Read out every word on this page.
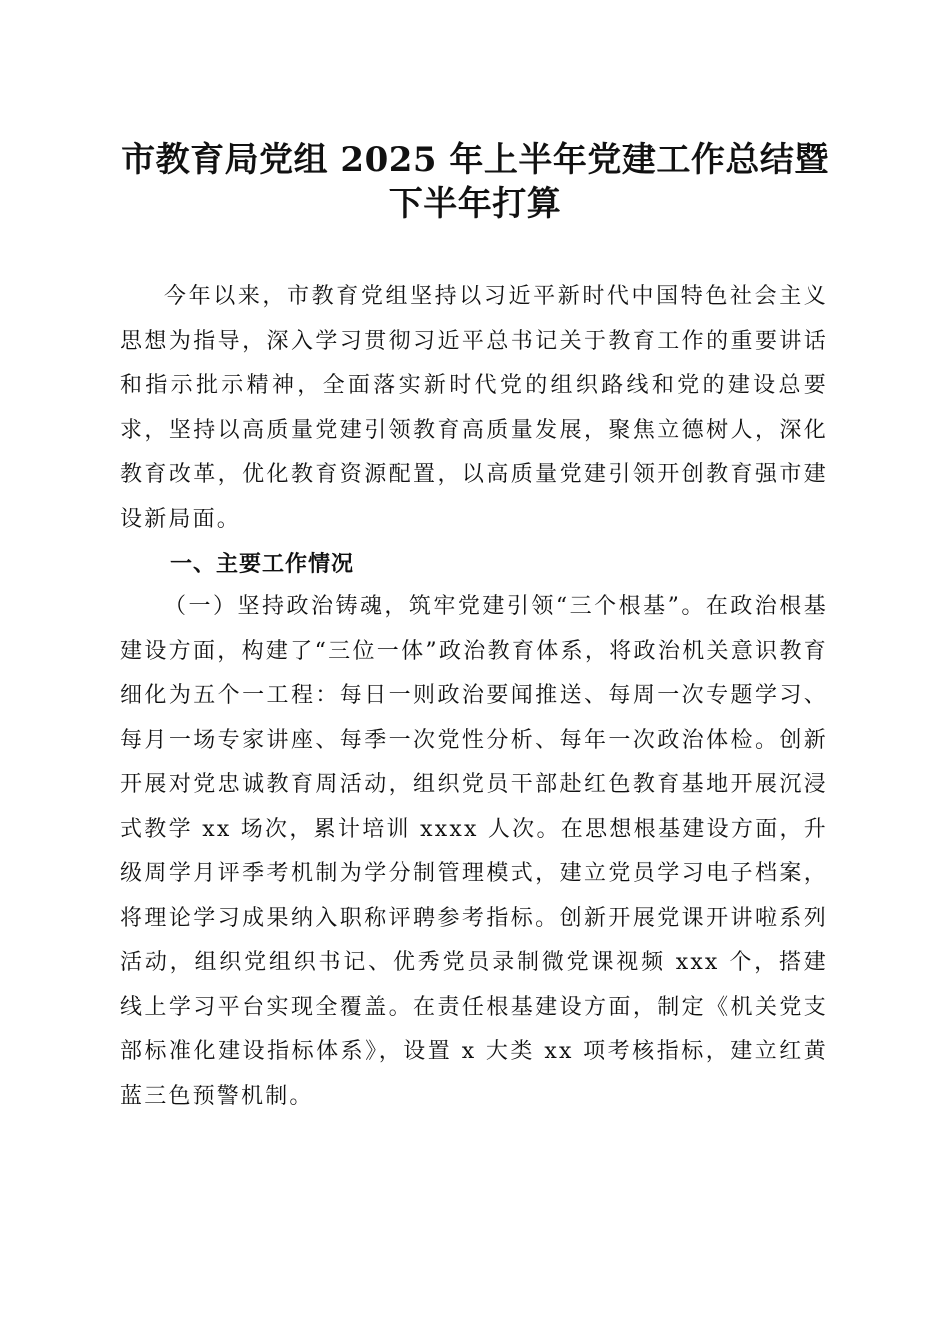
市教育局党组 2025 年上半年党建工作总结暨
下半年打算

今年以来，市教育党组坚持以习近平新时代中国特色社会主义思想为指导，深入学习贯彻习近平总书记关于教育工作的重要讲话和指示批示精神，全面落实新时代党的组织路线和党的建设总要求，坚持以高质量党建引领教育高质量发展，聚焦立德树人，深化教育改革，优化教育资源配置，以高质量党建引领开创教育强市建设新局面。

一、主要工作情况

（一）坚持政治铸魂，筑牢党建引领“三个根基”。在政治根基建设方面，构建了“三位一体”政治教育体系，将政治机关意识教育细化为五个一工程：每日一则政治要闻推送、每周一次专题学习、每月一场专家讲座、每季一次党性分析、每年一次政治体检。创新开展对党忠诚教育周活动，组织党员干部赴红色教育基地开展沉浸式教学 xx 场次，累计培训 xxxx 人次。在思想根基建设方面，升级周学月评季考机制为学分制管理模式，建立党员学习电子档案，将理论学习成果纳入职称评聘参考指标。创新开展党课开讲啦系列活动，组织党组织书记、优秀党员录制微党课视频 xxx 个，搭建线上学习平台实现全覆盖。在责任根基建设方面，制定《机关党支部标准化建设指标体系》，设置 x 大类 xx 项考核指标，建立红黄蓝三色预警机制。
